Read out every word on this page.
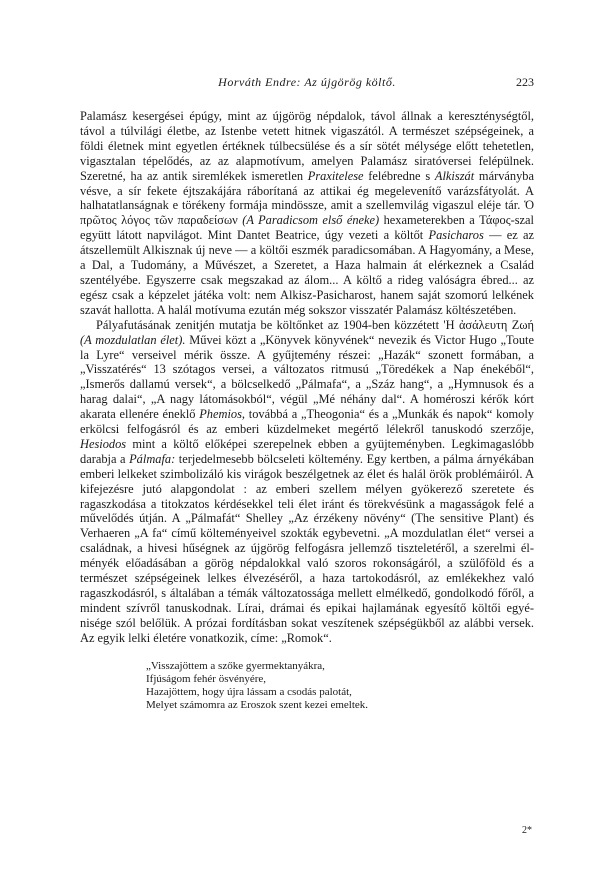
Horváth Endre: Az újgörög költő.	223

Palamász kesergései épúgy, mint az újgörög népdalok, távol állnak a kereszténységtől, távol a túlvilági életbe, az Istenbe vetett hitnek vigaszától. A természet szépségeinek, a földi életnek mint egyetlen értéknek túlbecsülése és a sír sötét mélysége előtt tehetetlen, vigasztalan tépelődés, az az alapmotívum, amelyen Palamász siratóversei felépülnek. Szeretné, ha az antik siremlékek ismeretlen Praxitelese felébredne s Alkiszát márványba vésve, a sír fekete éjtszakájára ráborítaná az attikai ég megelevenítő varázsfátyolát. A halhatatlanságnak e törékeny formája mindössze, amit a szellemvilág vigaszul eléje tár. Ὁ πρῶτος λόγος τῶν παραδείσων (A Paradicsom első éneke) hexameterekben a Τάφος-szal együtt látott napvilágot. Mint Dantet Beatrice, úgy vezeti a költőt Pasicharos — ez az átszellemült Alkisznak új neve — a költői eszmék paradicsomában. A Hagyomány, a Mese, a Dal, a Tudomány, a Művészet, a Szeretet, a Haza halmain át elérkeznek a Család szentélyébe. Egyszerre csak megszakad az álom... A költő a rideg valóságra ébred... az egész csak a képzelet játéka volt: nem Alkisz-Pasicharost, hanem saját szomorú lelkének szavát hallotta. A halál motívuma ezután még sokszor visszatér Palamász költészetében.

Pályafutásának zenitjén mutatja be költőnket az 1904-ben közzétett 'Η ἀσάλευτη Ζωή (A mozdulatlan élet). Művei közt a „Könyvek könyvének“ nevezik és Victor Hugo „Toute la Lyre“ verseivel mérik össze. A gyűjtemény részei: „Hazák“ szonett formában, a „Visszatérés“ 13 szótagos versei, a változatos ritmusú „Töredékek a Nap énekéből“, „Ismerős dallamú versek“, a bölcselkedő „Pálmafa“, a „Száz hang“, a „Hymnusok és a harag dalai“, „A nagy látomásokból“, végül „Mé néhány dal“. A homéroszi kérők kórt akarata ellenére éneklő Phemios, továbbá a „Theogonia“ és a „Munkák és napok“ komoly erkölcsi felfogásról és az emberi küzdelmeket megértő lélekről tanuskodó szerzője, Hesiodos mint a költő előképei szerepelnek ebben a gyüjteményben. Legkimagaslóbb darabja a Pálmafa: terjedelmesebb bölcseleti költemény. Egy kertben, a pálma árnyékában emberi lelkeket szimbolizáló kis virágok beszélgetnek az élet és halál örök problémáiról. A kifejezésre jutó alapgondolat : az emberi szellem mélyen gyökerező szeretete és ragaszkodása a titokzatos kérdésekkel teli élet iránt és törekvésünk a magasságok felé a művelődés útján. A „Pálmafát“ Shelley „Az érzékeny növény“ (The sensitive Plant) és Verhaeren „A fa“ című költeményeivel szokták egybevetni. „A mozdulatlan élet“ versei a családnak, a hivesi hűségnek az újgörög felfogásra jellemző tiszteletéről, a szerelmi él ményék előadásában a görög népdalokkal való szoros rokonságáról, a szülőföld és a természet szépségeinek lelkes élvezéséről, a haza tartokodásról, az emlékekhez való ragaszkodásról, s általában a témák változatossága mellett elmélkedő, gondolkodó főről, a mindent szívről tanuskodnak. Lírai, drámai és epikai hajlamának egyesítő költői egyénisége szól belőlük. A prózai fordításban sokat veszítenek szépségükből az alábbi versek. Az egyik lelki életére vonatkozik, címe: „Romok“.

„Visszajöttem a szőke gyermektanyákra,
Ifjúságom fehér ösvényére,
Hazajöttem, hogy újra lássam a csodás palotát,
Melyet számomra az Eroszok szent kezei emeltek.
2*
